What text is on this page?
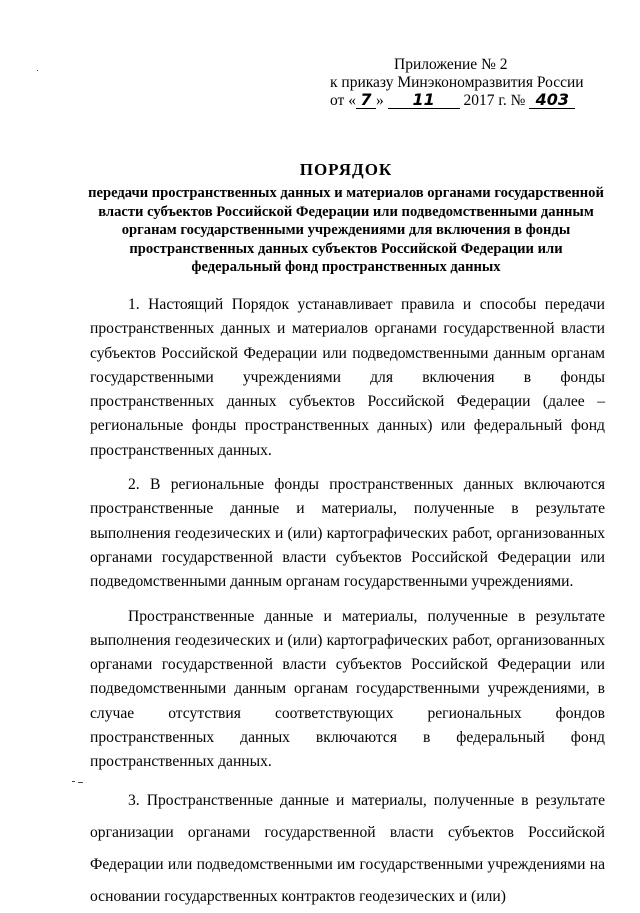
Приложение № 2
к приказу Минэкономразвития России
от « 7 » 11 2017 г. № 403
ПОРЯДОК
передачи пространственных данных и материалов органами государственной власти субъектов Российской Федерации или подведомственными данным органам государственными учреждениями для включения в фонды пространственных данных субъектов Российской Федерации или федеральный фонд пространственных данных

1. Настоящий Порядок устанавливает правила и способы передачи пространственных данных и материалов органами государственной власти субъектов Российской Федерации или подведомственными данным органам государственными учреждениями для включения в фонды пространственных данных субъектов Российской Федерации (далее – региональные фонды пространственных данных) или федеральный фонд пространственных данных.

2. В региональные фонды пространственных данных включаются пространственные данные и материалы, полученные в результате выполнения геодезических и (или) картографических работ, организованных органами государственной власти субъектов Российской Федерации или подведомственными данным органам государственными учреждениями.

Пространственные данные и материалы, полученные в результате выполнения геодезических и (или) картографических работ, организованных органами государственной власти субъектов Российской Федерации или подведомственными данным органам государственными учреждениями, в случае отсутствия соответствующих региональных фондов пространственных данных включаются в федеральный фонд пространственных данных.

3. Пространственные данные и материалы, полученные в результате организации органами государственной власти субъектов Российской Федерации или подведомственными им государственными учреждениями на основании государственных контрактов геодезических и (или)
